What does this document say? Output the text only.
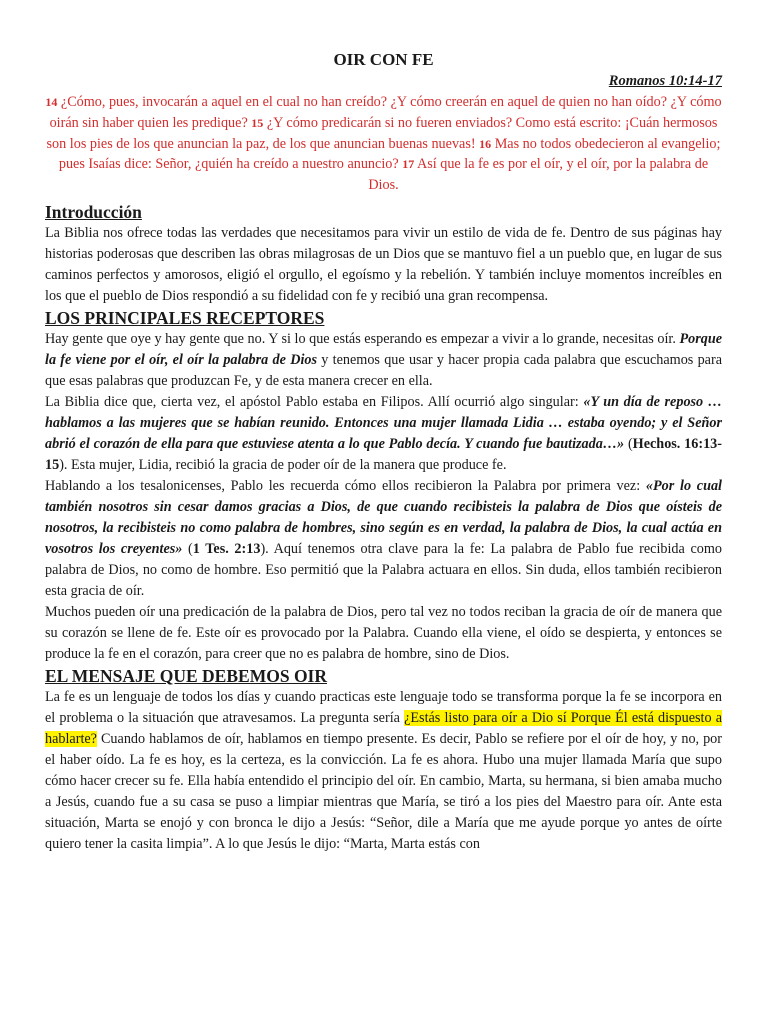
OIR CON FE
Romanos 10:14-17
14 ¿Cómo, pues, invocarán a aquel en el cual no han creído? ¿Y cómo creerán en aquel de quien no han oído? ¿Y cómo oirán sin haber quien les predique? 15 ¿Y cómo predicarán si no fueren enviados? Como está escrito: ¡Cuán hermosos son los pies de los que anuncian la paz, de los que anuncian buenas nuevas! 16 Mas no todos obedecieron al evangelio; pues Isaías dice: Señor, ¿quién ha creído a nuestro anuncio? 17 Así que la fe es por el oír, y el oír, por la palabra de Dios.
Introducción

La Biblia nos ofrece todas las verdades que necesitamos para vivir un estilo de vida de fe. Dentro de sus páginas hay historias poderosas que describen las obras milagrosas de un Dios que se mantuvo fiel a un pueblo que, en lugar de sus caminos perfectos y amorosos, eligió el orgullo, el egoísmo y la rebelión. Y también incluye momentos increíbles en los que el pueblo de Dios respondió a su fidelidad con fe y recibió una gran recompensa.

LOS PRINCIPALES RECEPTORES

Hay gente que oye y hay gente que no. Y si lo que estás esperando es empezar a vivir a lo grande, necesitas oír. Porque la fe viene por el oír, el oír la palabra de Dios y tenemos que usar y hacer propia cada palabra que escuchamos para que esas palabras que produzcan Fe, y de esta manera crecer en ella.

La Biblia dice que, cierta vez, el apóstol Pablo estaba en Filipos. Allí ocurrió algo singular: «Y un día de reposo … hablamos a las mujeres que se habían reunido. Entonces una mujer llamada Lidia … estaba oyendo; y el Señor abrió el corazón de ella para que estuviese atenta a lo que Pablo decía. Y cuando fue bautizada…» (Hechos. 16:13-15). Esta mujer, Lidia, recibió la gracia de poder oír de la manera que produce fe.

Hablando a los tesalonicenses, Pablo les recuerda cómo ellos recibieron la Palabra por primera vez: «Por lo cual también nosotros sin cesar damos gracias a Dios, de que cuando recibisteis la palabra de Dios que oísteis de nosotros, la recibisteis no como palabra de hombres, sino según es en verdad, la palabra de Dios, la cual actúa en vosotros los creyentes» (1 Tes. 2:13). Aquí tenemos otra clave para la fe: La palabra de Pablo fue recibida como palabra de Dios, no como de hombre. Eso permitió que la Palabra actuara en ellos. Sin duda, ellos también recibieron esta gracia de oír.

Muchos pueden oír una predicación de la palabra de Dios, pero tal vez no todos reciban la gracia de oír de manera que su corazón se llene de fe. Este oír es provocado por la Palabra. Cuando ella viene, el oído se despierta, y entonces se produce la fe en el corazón, para creer que no es palabra de hombre, sino de Dios.

EL MENSAJE QUE DEBEMOS OIR

La fe es un lenguaje de todos los días y cuando practicas este lenguaje todo se transforma porque la fe se incorpora en el problema o la situación que atravesamos. La pregunta sería ¿Estás listo para oír a Dio sí Porque Él está dispuesto a hablarte? Cuando hablamos de oír, hablamos en tiempo presente. Es decir, Pablo se refiere por el oír de hoy, y no, por el haber oído. La fe es hoy, es la certeza, es la convicción. La fe es ahora. Hubo una mujer llamada María que supo cómo hacer crecer su fe. Ella había entendido el principio del oír. En cambio, Marta, su hermana, si bien amaba mucho a Jesús, cuando fue a su casa se puso a limpiar mientras que María, se tiró a los pies del Maestro para oír. Ante esta situación, Marta se enojó y con bronca le dijo a Jesús: “Señor, dile a María que me ayude porque yo antes de oírte quiero tener la casita limpia”. A lo que Jesús le dijo: “Marta, Marta estás con
